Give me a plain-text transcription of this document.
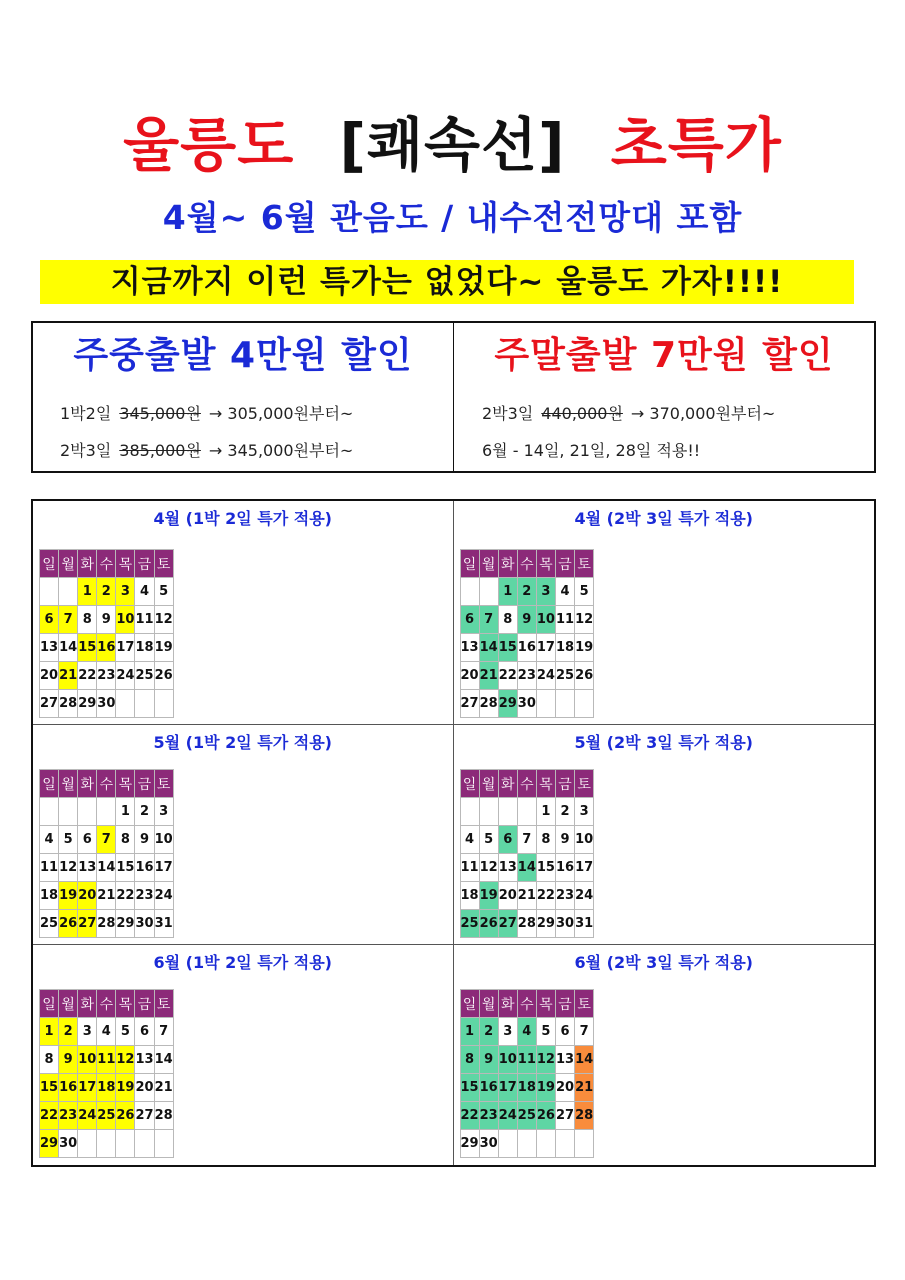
울릉도 [쾌속선] 초특가
4월~ 6월 관음도 / 내수전전망대 포함
지금까지 이런 특가는 없었다~ 울릉도 가자!!!!
주중출발 4만원 할인
1박2일 345,000원 → 305,000원부터~
2박3일 385,000원 → 345,000원부터~
주말출발 7만원 할인
2박3일 440,000원 → 370,000원부터~
6월 - 14일, 21일, 28일 적용!!
4월 (1박 2일 특가 적용)
일	월	화	수	목	금	토
		1	2	3	4	5
6	7	8	9	10	11	12
13	14	15	16	17	18	19
20	21	22	23	24	25	26
27	28	29	30			
4월 (2박 3일 특가 적용)
일	월	화	수	목	금	토
		1	2	3	4	5
6	7	8	9	10	11	12
13	14	15	16	17	18	19
20	21	22	23	24	25	26
27	28	29	30			
5월 (1박 2일 특가 적용)
일	월	화	수	목	금	토
				1	2	3
4	5	6	7	8	9	10
11	12	13	14	15	16	17
18	19	20	21	22	23	24
25	26	27	28	29	30	31
5월 (2박 3일 특가 적용)
일	월	화	수	목	금	토
				1	2	3
4	5	6	7	8	9	10
11	12	13	14	15	16	17
18	19	20	21	22	23	24
25	26	27	28	29	30	31
6월 (1박 2일 특가 적용)
일	월	화	수	목	금	토
1	2	3	4	5	6	7
8	9	10	11	12	13	14
15	16	17	18	19	20	21
22	23	24	25	26	27	28
29	30					
6월 (2박 3일 특가 적용)
일	월	화	수	목	금	토
1	2	3	4	5	6	7
8	9	10	11	12	13	14
15	16	17	18	19	20	21
22	23	24	25	26	27	28
29	30					
